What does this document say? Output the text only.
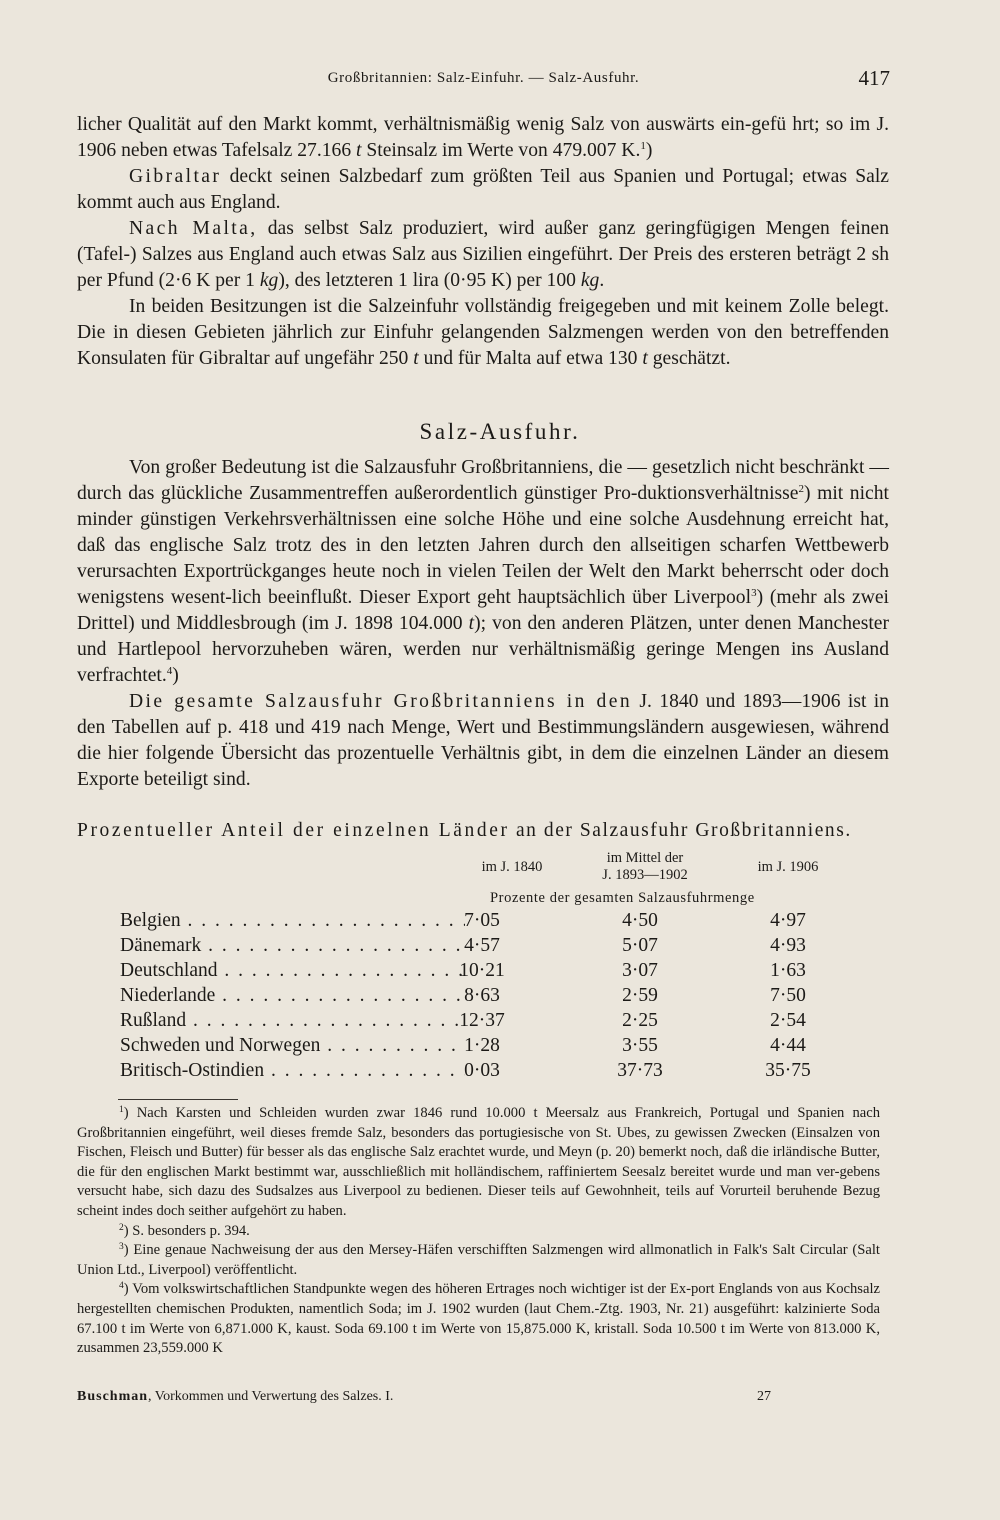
Großbritannien: Salz-Einfuhr. — Salz-Ausfuhr.	417

licher Qualität auf den Markt kommt, verhältnismäßig wenig Salz von auswärts ein-gefü hrt; so im J. 1906 neben etwas Tafelsalz 27.166 t Steinsalz im Werte von 479.007 K.$^1$)

Gibraltar deckt seinen Salzbedarf zum größten Teil aus Spanien und Portugal; etwas Salz kommt auch aus England.

Nach Malta, das selbst Salz produziert, wird außer ganz geringfügigen Mengen feinen (Tafel-) Salzes aus England auch etwas Salz aus Sizilien eingeführt. Der Preis des ersteren beträgt 2 sh per Pfund (2·6 K per 1 kg), des letzteren 1 lira (0·95 K) per 100 kg.

In beiden Besitzungen ist die Salzeinfuhr vollständig freigegeben und mit keinem Zolle belegt. Die in diesen Gebieten jährlich zur Einfuhr gelangenden Salzmengen werden von den betreffenden Konsulaten für Gibraltar auf ungefähr 250 t und für Malta auf etwa 130 t geschätzt.

Salz-Ausfuhr.

Von großer Bedeutung ist die Salzausfuhr Großbritanniens, die — gesetzlich nicht beschränkt — durch das glückliche Zusammentreffen außerordentlich günstiger Pro-duktionsverhältnisse$^2$) mit nicht minder günstigen Verkehrsverhältnissen eine solche Höhe und eine solche Ausdehnung erreicht hat, daß das englische Salz trotz des in den letzten Jahren durch den allseitigen scharfen Wettbewerb verursachten Exportrückganges heute noch in vielen Teilen der Welt den Markt beherrscht oder doch wenigstens wesent-lich beeinflußt. Dieser Export geht hauptsächlich über Liverpool$^3$) (mehr als zwei Drittel) und Middlesbrough (im J. 1898 104.000 t); von den anderen Plätzen, unter denen Manchester und Hartlepool hervorzuheben wären, werden nur verhältnismäßig geringe Mengen ins Ausland verfrachtet.$^4$)

Die gesamte Salzausfuhr Großbritanniens in den J. 1840 und 1893—1906 ist in den Tabellen auf p. 418 und 419 nach Menge, Wert und Bestimmungsländern ausgewiesen, während die hier folgende Übersicht das prozentuelle Verhältnis gibt, in dem die einzelnen Länder an diesem Exporte beteiligt sind.

Prozentueller Anteil der einzelnen Länder an der Salzausfuhr Großbritanniens.
im J. 1840
im Mittel der
J. 1893—1902	im J. 1906
Prozente der gesamten Salzausfuhrmenge
Belgien . . .	7·05	4·50	4·97
Dänemark . . .	4·57	5·07	4·93
Deutschland . . .	10·21	3·07	1·63
Niederlande . . .	8·63	2·59	7·50
Rußland . . .	12·37	2·25	2·54
Schweden und Norwegen . . .	1·28	3·55	4·44
Britisch-Ostindien . . .	0·03	37·73	35·75

$^1$) Nach Karsten und Schleiden wurden zwar 1846 rund 10.000 t Meersalz aus Frankreich, Portugal und Spanien nach Großbritannien eingeführt, weil dieses fremde Salz, besonders das portugiesische von St. Ubes, zu gewissen Zwecken (Einsalzen von Fischen, Fleisch und Butter) für besser als das englische Salz erachtet wurde, und Meyn (p. 20) bemerkt noch, daß die irländische Butter, die für den englischen Markt bestimmt war, ausschließlich mit holländischem, raffiniertem Seesalz bereitet wurde und man ver-gebens versucht habe, sich dazu des Sudsalzes aus Liverpool zu bedienen. Dieser teils auf Gewohnheit, teils auf Vorurteil beruhende Bezug scheint indes doch seither aufgehört zu haben.

$^2$) S. besonders p. 394.

$^3$) Eine genaue Nachweisung der aus den Mersey-Häfen verschifften Salzmengen wird allmonatlich in Falk's Salt Circular (Salt Union Ltd., Liverpool) veröffentlicht.

$^4$) Vom volkswirtschaftlichen Standpunkte wegen des höheren Ertrages noch wichtiger ist der Ex-port Englands von aus Kochsalz hergestellten chemischen Produkten, namentlich Soda; im J. 1902 wurden (laut Chem.-Ztg. 1903, Nr. 21) ausgeführt: kalzinierte Soda 67.100 t im Werte von 6,871.000 K, kaust. Soda 69.100 t im Werte von 15,875.000 K, kristall. Soda 10.500 t im Werte von 813.000 K, zusammen 23,559.000 K

Buschman, Vorkommen und Verwertung des Salzes. I.	27
